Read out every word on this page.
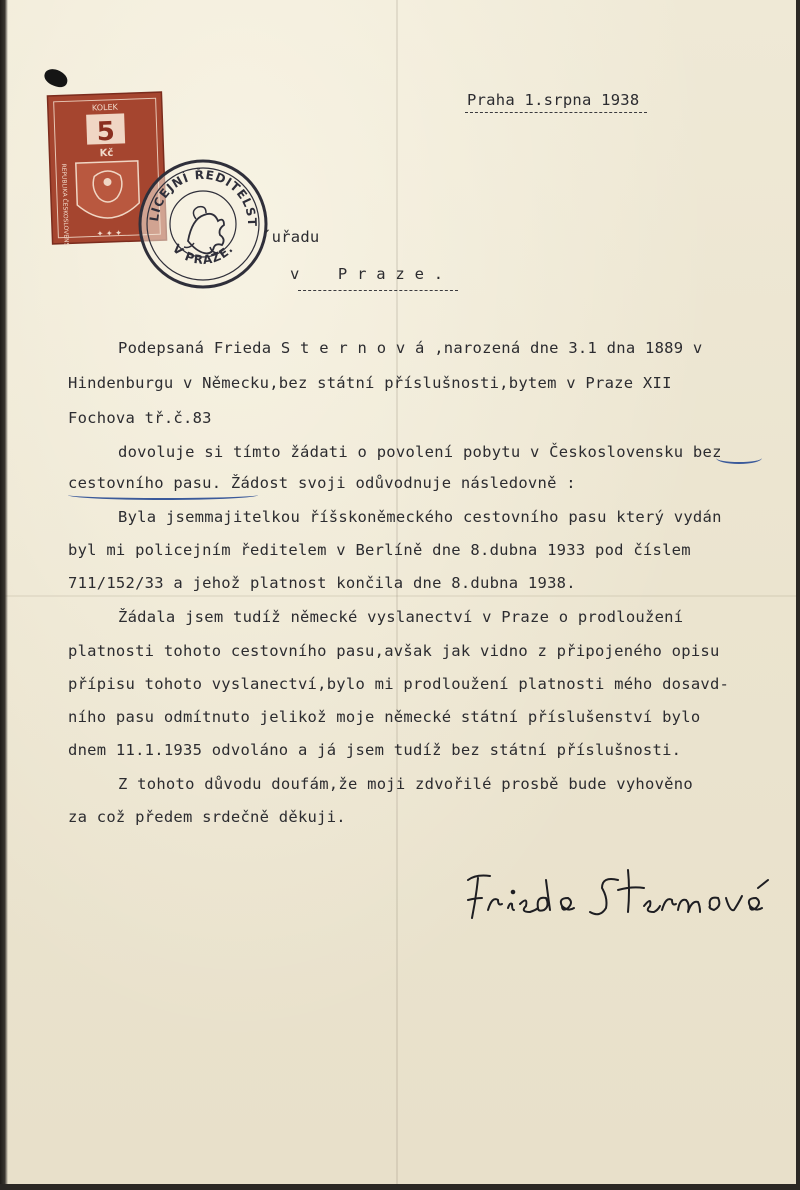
KOLEK
5
Kč
REPUBLIKA ČESKOSLOVENSKÁ	✦ ✦ ✦
LICEJNÍ ŘEDITELST
V PRAZE.
Praha 1.srpna 1938
´uřadu
v    P r a z e .
Podepsaná Frieda S t e r n o v á ,narozená dne 3.1 dna 1889 v
Hindenburgu v Německu,bez státní příslušnosti,bytem v Praze XII
Fochova tř.č.83
dovoluje si tímto žádati o povolení pobytu v Československu bez
cestovního pasu. Žádost svoji odůvodnuje následovně :
Byla jsemmajitelkou říšskoněmeckého cestovního pasu který vydán
byl mi policejním ředitelem v Berlíně dne 8.dubna 1933 pod číslem
711/152/33 a jehož platnost končila dne 8.dubna 1938.
Žádala jsem tudíž německé vyslanectví v Praze o prodloužení
platnosti tohoto cestovního pasu,avšak jak vidno z připojeného opisu
přípisu tohoto vyslanectví,bylo mi prodloužení platnosti mého dosavd-
ního pasu odmítnuto jelikož moje německé státní příslušenství bylo
dnem 11.1.1935 odvoláno a já jsem tudíž bez státní příslušnosti.
Z tohoto důvodu doufám,že moji zdvořilé prosbě bude vyhověno
za což předem srdečně děkuji.
